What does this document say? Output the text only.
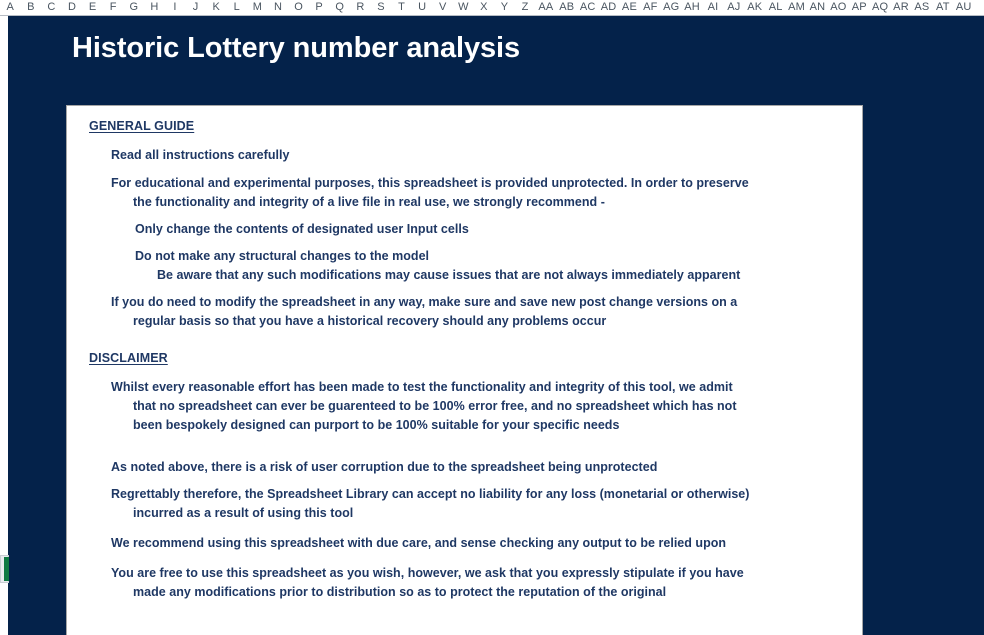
A	B	C	D	E	F	G	H	I	J	K	L	M	N	O	P	Q	R	S	T	U	V	W	X	Y	Z AA AB AC AD AE AF AG AH AI AJ AK AL AM AN AO AP AQ AR AS AT AU
Historic Lottery number analysis
GENERAL GUIDE
Read all instructions carefully
For educational and experimental purposes, this spreadsheet is provided unprotected. In order to preserve
the functionality and integrity of a live file in real use, we strongly recommend -
Only change the contents of designated user Input cells
Do not make any structural changes to the model
Be aware that any such modifications may cause issues that are not always immediately apparent
If you do need to modify the spreadsheet in any way, make sure and save new post change versions on a
regular basis so that you have a historical recovery should any problems occur
DISCLAIMER
Whilst every reasonable effort has been made to test the functionality and integrity of this tool, we admit
that no spreadsheet can ever be guarenteed to be 100% error free, and no spreadsheet which has not
been bespokely designed can purport to be 100% suitable for your specific needs
As noted above, there is a risk of user corruption due to the spreadsheet being unprotected
Regrettably therefore, the Spreadsheet Library can accept no liability for any loss (monetarial or otherwise)
incurred as a result of using this tool
We recommend using this spreadsheet with due care, and sense checking any output to be relied upon
You are free to use this spreadsheet as you wish, however, we ask that you expressly stipulate if you have
made any modifications prior to distribution so as to protect the reputation of the original
